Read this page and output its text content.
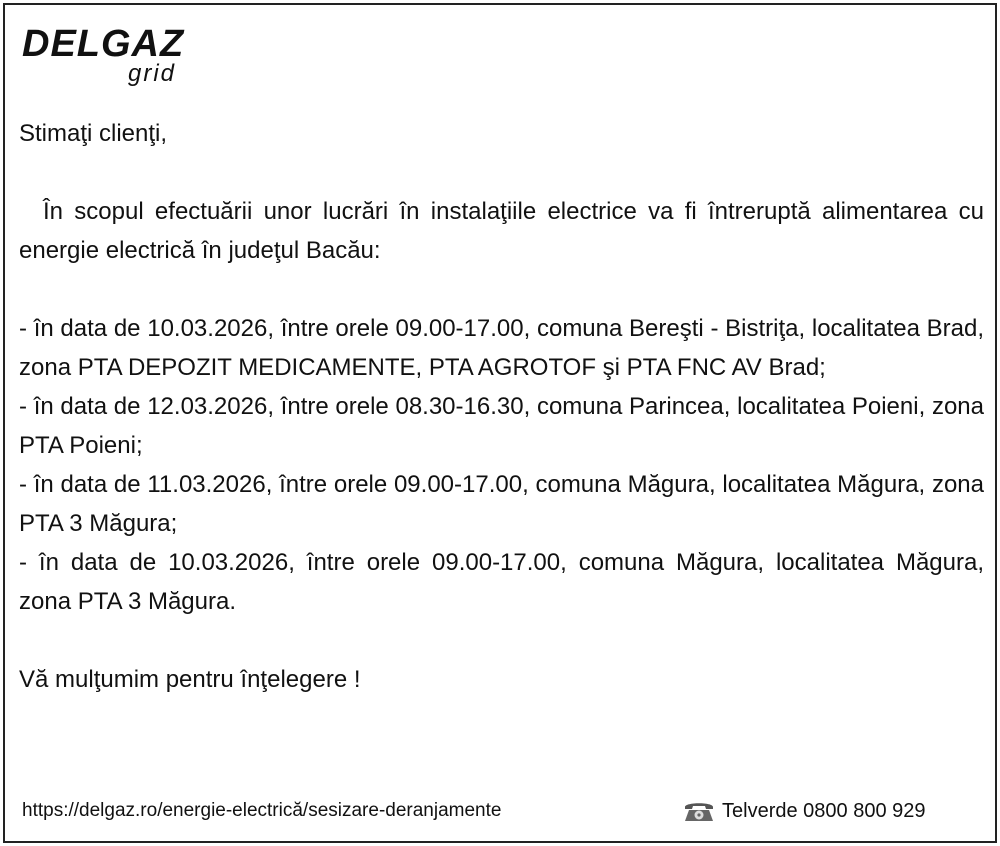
DELGAZ
grid

Stimaţi clienţi,

În scopul efectuării unor lucrări în instalaţiile electrice va fi întreruptă alimentarea cu energie electrică în judeţul Bacău:

- în data de 10.03.2026, între orele 09.00-17.00, comuna Bereşti - Bistriţa, localitatea Brad, zona PTA DEPOZIT MEDICAMENTE, PTA AGROTOF şi PTA FNC AV Brad;

- în data de 12.03.2026, între orele 08.30-16.30, comuna Parincea, localitatea Poieni, zona PTA Poieni;

- în data de 11.03.2026, între orele 09.00-17.00, comuna Măgura, localitatea Măgura, zona PTA 3 Măgura;

- în data de 10.03.2026, între orele 09.00-17.00, comuna Măgura, localitatea Măgura, zona PTA 3 Măgura.

Vă mulţumim pentru înţelegere !

https://delgaz.ro/energie-electrică/sesizare-deranjamente	Telverde 0800 800 929
